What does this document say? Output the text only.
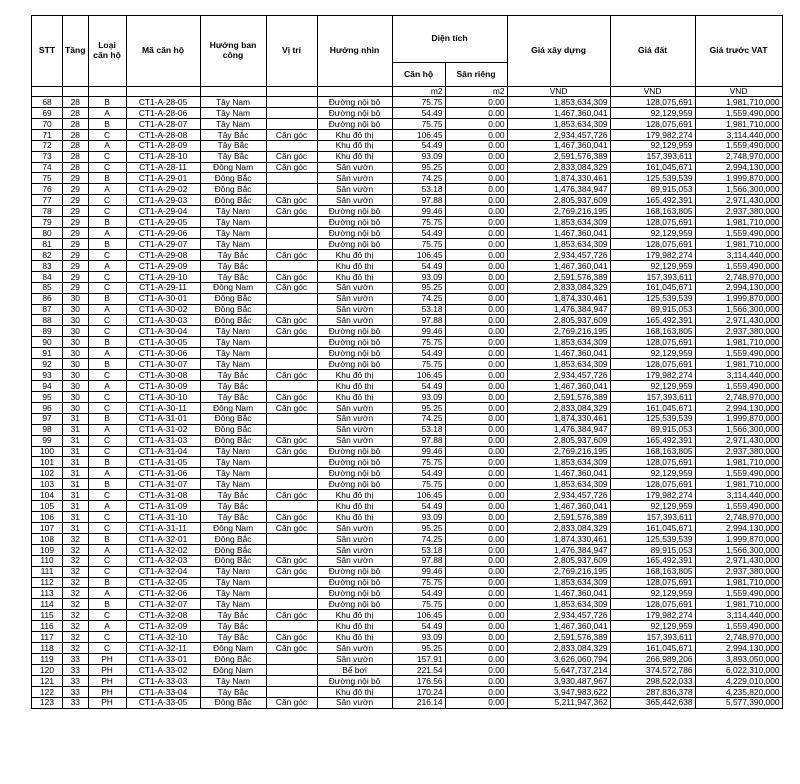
STT	Tầng	Loại căn hộ	Mã căn hộ	Hướng ban công	Vị trí	Hướng nhìn	Diện tích		Giá xây dựng	Giá đất	Giá trước VAT
							Căn hộ	Sân riêng			
							m2	m2	VND	VND	VND
68	28	B	CT1-A-28-05	Tây Nam		Đường nội bộ	75.75	0.00	1,853,634,309	128,075,691	1,981,710,000
69	28	A	CT1-A-28-06	Tây Nam		Đường nội bộ	54.49	0.00	1,467,360,041	92,129,959	1,559,490,000
70	28	B	CT1-A-28-07	Tây Nam		Đường nội bộ	75.75	0.00	1,853,634,309	128,075,691	1,981,710,000
71	28	C	CT1-A-28-08	Tây Bắc	Căn góc	Khu đô thị	106.45	0.00	2,934,457,726	179,982,274	3,114,440,000
72	28	A	CT1-A-28-09	Tây Bắc		Khu đô thị	54.49	0.00	1,467,360,041	92,129,959	1,559,490,000
73	28	C	CT1-A-28-10	Tây Bắc	Căn góc	Khu đô thị	93.09	0.00	2,591,576,389	157,393,611	2,748,970,000
74	28	C	CT1-A-28-11	Đông Nam	Căn góc	Sân vườn	95.25	0.00	2,833,084,329	161,045,671	2,994,130,000
75	29	B	CT1-A-29-01	Đông Bắc		Sân vườn	74.25	0.00	1,874,330,461	125,539,539	1,999,870,000
76	29	A	CT1-A-29-02	Đông Bắc		Sân vườn	53.18	0.00	1,476,384,947	89,915,053	1,566,300,000
77	29	C	CT1-A-29-03	Đông Bắc	Căn góc	Sân vườn	97.88	0.00	2,805,937,609	165,492,391	2,971,430,000
78	29	C	CT1-A-29-04	Tây Nam	Căn góc	Đường nội bộ	99.46	0.00	2,769,216,195	168,163,805	2,937,380,000
79	29	B	CT1-A-29-05	Tây Nam		Đường nội bộ	75.75	0.00	1,853,634,309	128,075,691	1,981,710,000
80	29	A	CT1-A-29-06	Tây Nam		Đường nội bộ	54.49	0.00	1,467,360,041	92,129,959	1,559,490,000
81	29	B	CT1-A-29-07	Tây Nam		Đường nội bộ	75.75	0.00	1,853,634,309	128,075,691	1,981,710,000
82	29	C	CT1-A-29-08	Tây Bắc	Căn góc	Khu đô thị	106.45	0.00	2,934,457,726	179,982,274	3,114,440,000
83	29	A	CT1-A-29-09	Tây Bắc		Khu đô thị	54.49	0.00	1,467,360,041	92,129,959	1,559,490,000
84	29	C	CT1-A-29-10	Tây Bắc	Căn góc	Khu đô thị	93.09	0.00	2,591,576,389	157,393,611	2,748,970,000
85	29	C	CT1-A-29-11	Đông Nam	Căn góc	Sân vườn	95.25	0.00	2,833,084,329	161,045,671	2,994,130,000
86	30	B	CT1-A-30-01	Đông Bắc		Sân vườn	74.25	0.00	1,874,330,461	125,539,539	1,999,870,000
87	30	A	CT1-A-30-02	Đông Bắc		Sân vườn	53.18	0.00	1,476,384,947	89,915,053	1,566,300,000
88	30	C	CT1-A-30-03	Đông Bắc	Căn góc	Sân vườn	97.88	0.00	2,805,937,609	165,492,391	2,971,430,000
89	30	C	CT1-A-30-04	Tây Nam	Căn góc	Đường nội bộ	99.46	0.00	2,769,216,195	168,163,805	2,937,380,000
90	30	B	CT1-A-30-05	Tây Nam		Đường nội bộ	75.75	0.00	1,853,634,309	128,075,691	1,981,710,000
91	30	A	CT1-A-30-06	Tây Nam		Đường nội bộ	54.49	0.00	1,467,360,041	92,129,959	1,559,490,000
92	30	B	CT1-A-30-07	Tây Nam		Đường nội bộ	75.75	0.00	1,853,634,309	128,075,691	1,981,710,000
93	30	C	CT1-A-30-08	Tây Bắc	Căn góc	Khu đô thị	106.45	0.00	2,934,457,726	179,982,274	3,114,440,000
94	30	A	CT1-A-30-09	Tây Bắc		Khu đô thị	54.49	0.00	1,467,360,041	92,129,959	1,559,490,000
95	30	C	CT1-A-30-10	Tây Bắc	Căn góc	Khu đô thị	93.09	0.00	2,591,576,389	157,393,611	2,748,970,000
96	30	C	CT1-A-30-11	Đông Nam	Căn góc	Sân vườn	95.25	0.00	2,833,084,329	161,045,671	2,994,130,000
97	31	B	CT1-A-31-01	Đông Bắc		Sân vườn	74.25	0.00	1,874,330,461	125,539,539	1,999,870,000
98	31	A	CT1-A-31-02	Đông Bắc		Sân vườn	53.18	0.00	1,476,384,947	89,915,053	1,566,300,000
99	31	C	CT1-A-31-03	Đông Bắc	Căn góc	Sân vườn	97.88	0.00	2,805,937,609	165,492,391	2,971,430,000
100	31	C	CT1-A-31-04	Tây Nam	Căn góc	Đường nội bộ	99.46	0.00	2,769,216,195	168,163,805	2,937,380,000
101	31	B	CT1-A-31-05	Tây Nam		Đường nội bộ	75.75	0.00	1,853,634,309	128,075,691	1,981,710,000
102	31	A	CT1-A-31-06	Tây Nam		Đường nội bộ	54.49	0.00	1,467,360,041	92,129,959	1,559,490,000
103	31	B	CT1-A-31-07	Tây Nam		Đường nội bộ	75.75	0.00	1,853,634,309	128,075,691	1,981,710,000
104	31	C	CT1-A-31-08	Tây Bắc	Căn góc	Khu đô thị	106.45	0.00	2,934,457,726	179,982,274	3,114,440,000
105	31	A	CT1-A-31-09	Tây Bắc		Khu đô thị	54.49	0.00	1,467,360,041	92,129,959	1,559,490,000
106	31	C	CT1-A-31-10	Tây Bắc	Căn góc	Khu đô thị	93.09	0.00	2,591,576,389	157,393,611	2,748,970,000
107	31	C	CT1-A-31-11	Đông Nam	Căn góc	Sân vườn	95.25	0.00	2,833,084,329	161,045,671	2,994,130,000
108	32	B	CT1-A-32-01	Đông Bắc		Sân vườn	74.25	0.00	1,874,330,461	125,539,539	1,999,870,000
109	32	A	CT1-A-32-02	Đông Bắc		Sân vườn	53.18	0.00	1,476,384,947	89,915,053	1,566,300,000
110	32	C	CT1-A-32-03	Đông Bắc	Căn góc	Sân vườn	97.88	0.00	2,805,937,609	165,492,391	2,971,430,000
111	32	C	CT1-A-32-04	Tây Nam	Căn góc	Đường nội bộ	99.46	0.00	2,769,216,195	168,163,805	2,937,380,000
112	32	B	CT1-A-32-05	Tây Nam		Đường nội bộ	75.75	0.00	1,853,634,309	128,075,691	1,981,710,000
113	32	A	CT1-A-32-06	Tây Nam		Đường nội bộ	54.49	0.00	1,467,360,041	92,129,959	1,559,490,000
114	32	B	CT1-A-32-07	Tây Nam		Đường nội bộ	75.75	0.00	1,853,634,309	128,075,691	1,981,710,000
115	32	C	CT1-A-32-08	Tây Bắc	Căn góc	Khu đô thị	106.45	0.00	2,934,457,726	179,982,274	3,114,440,000
116	32	A	CT1-A-32-09	Tây Bắc		Khu đô thị	54.49	0.00	1,467,360,041	92,129,959	1,559,490,000
117	32	C	CT1-A-32-10	Tây Bắc	Căn góc	Khu đô thị	93.09	0.00	2,591,576,389	157,393,611	2,748,970,000
118	32	C	CT1-A-32-11	Đông Nam	Căn góc	Sân vườn	95.25	0.00	2,833,084,329	161,045,671	2,994,130,000
119	33	PH	CT1-A-33-01	Đông Bắc		Sân vườn	157.91	0.00	3,626,060,794	266,989,206	3,893,050,000
120	33	PH	CT1-A-33-02	Đông Nam		Bể bơi	221.54	0.00	5,647,737,214	374,572,786	6,022,310,000
121	33	PH	CT1-A-33-03	Tây Nam		Đường nội bộ	176.56	0.00	3,930,487,967	298,522,033	4,229,010,000
122	33	PH	CT1-A-33-04	Tây Bắc		Khu đô thị	170.24	0.00	3,947,983,622	287,836,378	4,235,820,000
123	33	PH	CT1-A-33-05	Đông Bắc	Căn góc	Sân vườn	216.14	0.00	5,211,947,362	365,442,638	5,577,390,000
